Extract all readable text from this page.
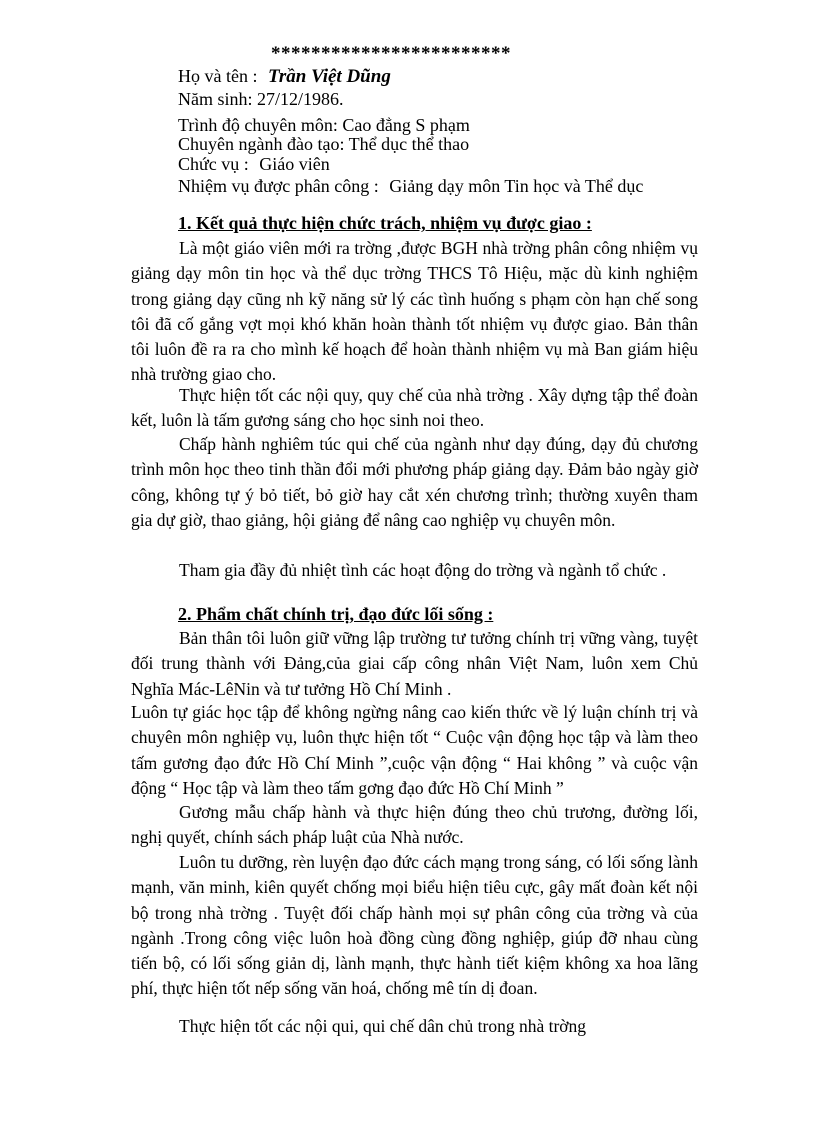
************************
Họ và tên : Trần Việt Dũng
Năm sinh: 27/12/1986.
Trình độ chuyên môn: Cao đẳng S phạm
Chuyên ngành đào tạo: Thể dục thể thao
Chức vụ : Giáo viên
Nhiệm vụ được phân công : Giảng dạy môn Tin học và Thể dục
1. Kết quả thực hiện chức trách, nhiệm vụ được giao :

Là một giáo viên mới ra trờng ,được BGH nhà trờng phân công nhiệm vụ giảng dạy môn tin học và thể dục trờng THCS Tô Hiệu, mặc dù kinh nghiệm trong giảng dạy cũng nh kỹ năng sử lý các tình huống s phạm còn hạn chế song tôi đã cố gắng vợt mọi khó khăn hoàn thành tốt nhiệm vụ được giao. Bản thân tôi luôn đề ra ra cho mình kế hoạch để hoàn thành nhiệm vụ mà Ban giám hiệu nhà trường giao cho.

Thực hiện tốt các nội quy, quy chế của nhà trờng . Xây dựng tập thể đoàn kết, luôn là tấm gương sáng cho học sinh noi theo.

Chấp hành nghiêm túc qui chế của ngành như dạy đúng, dạy đủ chương trình môn học theo tinh thần đổi mới phương pháp giảng dạy. Đảm bảo ngày giờ công, không tự ý bỏ tiết, bỏ giờ hay cắt xén chương trình; thường xuyên tham gia dự giờ, thao giảng, hội giảng để nâng cao nghiệp vụ chuyên môn.

Tham gia đầy đủ nhiệt tình các hoạt động do trờng và ngành tổ chức .

2. Phẩm chất chính trị, đạo đức lối sống :

Bản thân tôi luôn giữ vững lập trường tư tưởng chính trị vững vàng, tuyệt đối trung thành với Đảng,của giai cấp công nhân Việt Nam, luôn xem Chủ Nghĩa Mác-LêNin và tư tưởng Hồ Chí Minh .

Luôn tự giác học tập để không ngừng nâng cao kiến thức về lý luận chính trị và chuyên môn nghiệp vụ, luôn thực hiện tốt “ Cuộc vận động học tập và làm theo tấm gương đạo đức Hồ Chí Minh ”,cuộc vận động “ Hai không ” và cuộc vận động “ Học tập và làm theo tấm gơng đạo đức Hồ Chí Minh ”

Gương mẫu chấp hành và thực hiện đúng theo chủ trương, đường lối, nghị quyết, chính sách pháp luật của Nhà nước.

Luôn tu dưỡng, rèn luyện đạo đức cách mạng trong sáng, có lối sống lành mạnh, văn minh, kiên quyết chống mọi biểu hiện tiêu cực, gây mất đoàn kết nội bộ trong nhà trờng . Tuyệt đối chấp hành mọi sự phân công của trờng và của ngành .Trong công việc luôn hoà đồng cùng đồng nghiệp, giúp đỡ nhau cùng tiến bộ, có lối sống giản dị, lành mạnh, thực hành tiết kiệm không xa hoa lãng phí, thực hiện tốt nếp sống văn hoá, chống mê tín dị đoan.

Thực hiện tốt các nội qui, qui chế dân chủ trong nhà trờng
